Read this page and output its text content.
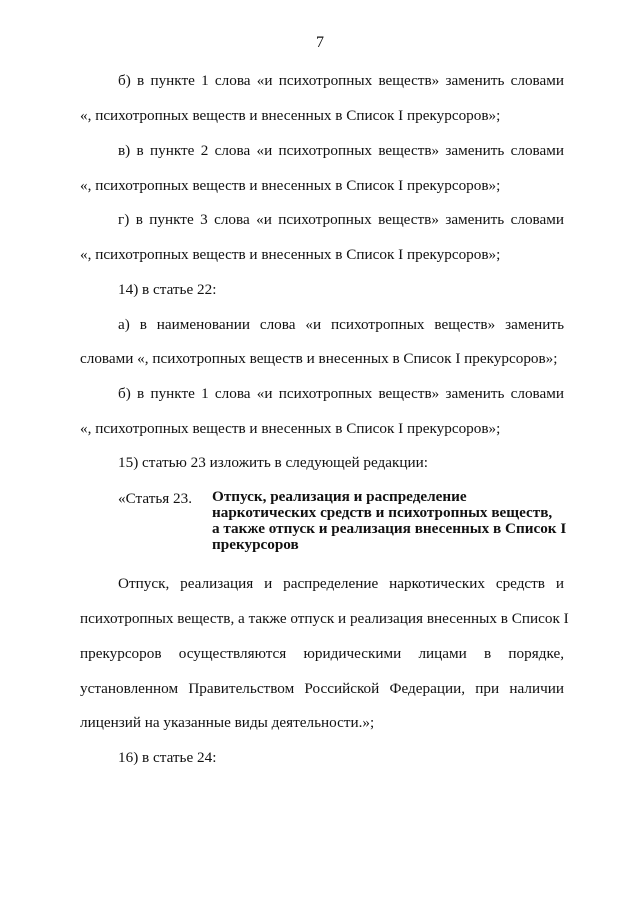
7
б) в пункте 1 слова «и психотропных веществ» заменить словами
«, психотропных веществ и внесенных в Список I прекурсоров»;
в) в пункте 2 слова «и психотропных веществ» заменить словами
«, психотропных веществ и внесенных в Список I прекурсоров»;
г) в пункте 3 слова «и психотропных веществ» заменить словами
«, психотропных веществ и внесенных в Список I прекурсоров»;
14) в статье 22:
а) в наименовании слова «и психотропных веществ» заменить
словами «, психотропных веществ и внесенных в Список I прекурсоров»;
б) в пункте 1 слова «и психотропных веществ» заменить словами
«, психотропных веществ и внесенных в Список I прекурсоров»;
15) статью 23 изложить в следующей редакции:
«Статья 23. Отпуск, реализация и распределение
наркотических средств и психотропных веществ,
а также отпуск и реализация внесенных в Список I
прекурсоров
Отпуск, реализация и распределение наркотических средств и
психотропных веществ, а также отпуск и реализация внесенных в Список I
прекурсоров осуществляются юридическими лицами в порядке,
установленном Правительством Российской Федерации, при наличии
лицензий на указанные виды деятельности.»;
16) в статье 24:
